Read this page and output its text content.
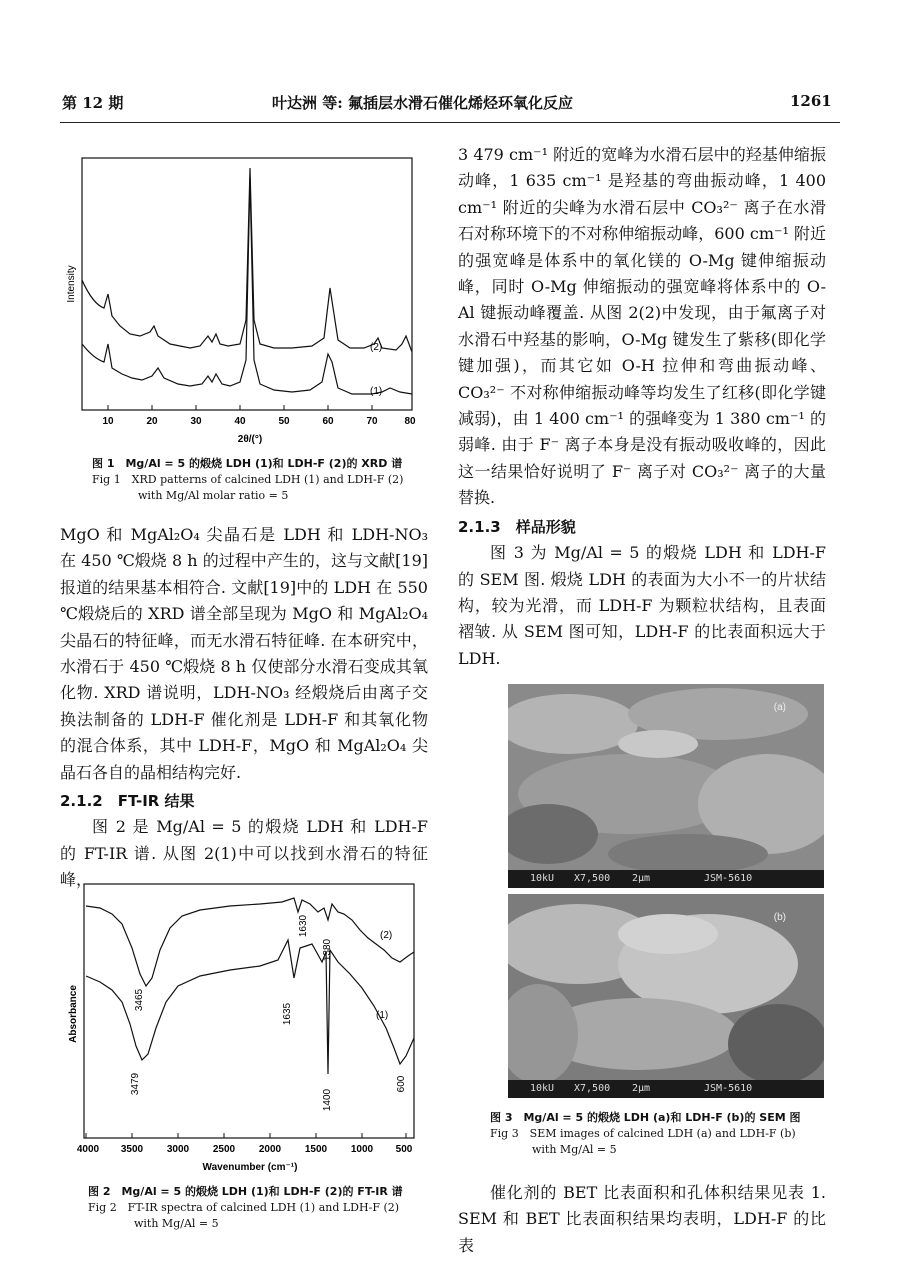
第 12 期	叶达洲 等: 氟插层水滑石催化烯烃环氧化反应	1261
(2)
(1)
10	20	30	40	50	60	70	80
2θ/(°)
Intensity
图 1　Mg/Al = 5 的煅烧 LDH (1)和 LDH-F (2)的 XRD 谱
Fig 1　XRD patterns of calcined LDH (1) and LDH-F (2)
with Mg/Al molar ratio = 5

MgO 和 MgAl₂O₄ 尖晶石是 LDH 和 LDH-NO₃ 在 450 ℃煅烧 8 h 的过程中产生的，这与文献[19]报道的结果基本相符合. 文献[19]中的 LDH 在 550 ℃煅烧后的 XRD 谱全部呈现为 MgO 和 MgAl₂O₄ 尖晶石的特征峰，而无水滑石特征峰. 在本研究中，水滑石于 450 ℃煅烧 8 h 仅使部分水滑石变成其氧化物. XRD 谱说明，LDH-NO₃ 经煅烧后由离子交换法制备的 LDH-F 催化剂是 LDH-F 和其氧化物的混合体系，其中 LDH-F，MgO 和 MgAl₂O₄ 尖晶石各自的晶相结构完好.

2.1.2　FT-IR 结果

图 2 是 Mg/Al = 5 的煅烧 LDH 和 LDH-F 的 FT-IR 谱. 从图 2(1)中可以找到水滑石的特征峰，

3465
1630
1380
3479
1635
1400
600
(2)
(1)
4000 3500 3000 2500 2000 1500 1000 500
Wavenumber (cm⁻¹)
Absorbance
图 2　Mg/Al = 5 的煅烧 LDH (1)和 LDH-F (2)的 FT-IR 谱
Fig 2　FT-IR spectra of calcined LDH (1) and LDH-F (2)
with Mg/Al = 5

3 479 cm⁻¹ 附近的宽峰为水滑石层中的羟基伸缩振动峰，1 635 cm⁻¹ 是羟基的弯曲振动峰，1 400 cm⁻¹ 附近的尖峰为水滑石层中 CO₃²⁻ 离子在水滑石对称环境下的不对称伸缩振动峰，600 cm⁻¹ 附近的强宽峰是体系中的氧化镁的 O-Mg 键伸缩振动峰，同时 O-Mg 伸缩振动的强宽峰将体系中的 O-Al 键振动峰覆盖. 从图 2(2)中发现，由于氟离子对水滑石中羟基的影响，O-Mg 键发生了紫移(即化学键加强)，而其它如 O-H 拉伸和弯曲振动峰、CO₃²⁻ 不对称伸缩振动峰等均发生了红移(即化学键减弱)，由 1 400 cm⁻¹ 的强峰变为 1 380 cm⁻¹ 的弱峰. 由于 F⁻ 离子本身是没有振动吸收峰的，因此这一结果恰好说明了 F⁻ 离子对 CO₃²⁻ 离子的大量替换.

2.1.3　样品形貌

图 3 为 Mg/Al = 5 的煅烧 LDH 和 LDH-F 的 SEM 图. 煅烧 LDH 的表面为大小不一的片状结构，较为光滑，而 LDH-F 为颗粒状结构，且表面褶皱. 从 SEM 图可知，LDH-F 的比表面积远大于 LDH.

(a)
10kU X7,500 2μm	JSM-5610
(b)
10kU X7,500 2μm	JSM-5610
图 3　Mg/Al = 5 的煅烧 LDH (a)和 LDH-F (b)的 SEM 图
Fig 3　SEM images of calcined LDH (a) and LDH-F (b)
with Mg/Al = 5

催化剂的 BET 比表面积和孔体积结果见表 1. SEM 和 BET 比表面积结果均表明，LDH-F 的比表
